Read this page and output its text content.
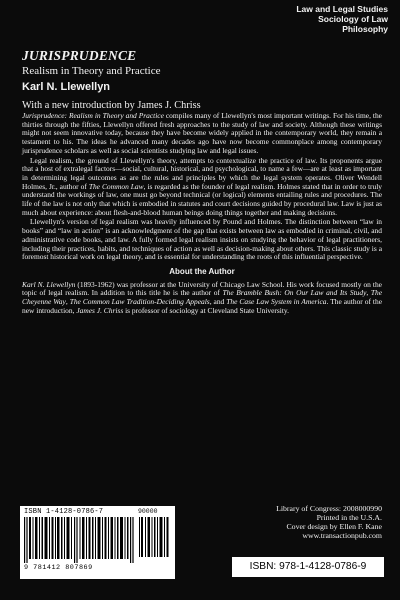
Law and Legal Studies
Sociology of Law
Philosophy
JURISPRUDENCE
Realism in Theory and Practice
Karl N. Llewellyn
With a new introduction by James J. Chriss

Jurisprudence: Realism in Theory and Practice compiles many of Llewellyn's most important writings. For his time, the thirties through the fifties, Llewellyn offered fresh approaches to the study of law and society. Although these writings might not seem innovative today, because they have become widely applied in the contemporary world, they remain a testament to his. The ideas he advanced many decades ago have now become commonplace among contemporary jurisprudence scholars as well as social scientists studying law and legal issues.

Legal realism, the ground of Llewellyn's theory, attempts to contextualize the practice of law. Its proponents argue that a host of extralegal factors—social, cultural, historical, and psychological, to name a few—are at least as important in determining legal outcomes as are the rules and principles by which the legal system operates. Oliver Wendell Holmes, Jr., author of The Common Law, is regarded as the founder of legal realism. Holmes stated that in order to truly understand the workings of law, one must go beyond technical (or logical) elements entailing rules and procedures. The life of the law is not only that which is embodied in statutes and court decisions guided by procedural law. Law is just as much about experience: about flesh-and-blood human beings doing things together and making decisions.

Llewellyn's version of legal realism was heavily influenced by Pound and Holmes. The distinction between “law in books” and “law in action” is an acknowledgment of the gap that exists between law as embodied in criminal, civil, and administrative code books, and law. A fully formed legal realism insists on studying the behavior of legal practitioners, including their practices, habits, and techniques of action as well as decision-making about others. This classic study is a foremost historical work on legal theory, and is essential for understanding the roots of this influential perspective.

About the Author

Karl N. Llewellyn (1893-1962) was professor at the University of Chicago Law School. His work focused mostly on the topic of legal realism. In addition to this title he is the author of The Bramble Bush: On Our Law and Its Study, The Cheyenne Way, The Common Law Tradition-Deciding Appeals, and The Case Law System in America. The author of the new introduction, James J. Chriss is professor of sociology at Cleveland State University.

ISBN 1-4128-0786-7	90000
9 781412 807869
Library of Congress: 2008000990
Printed in the U.S.A.
Cover design by Ellen F. Kane
www.transactionpub.com
ISBN: 978-1-4128-0786-9
